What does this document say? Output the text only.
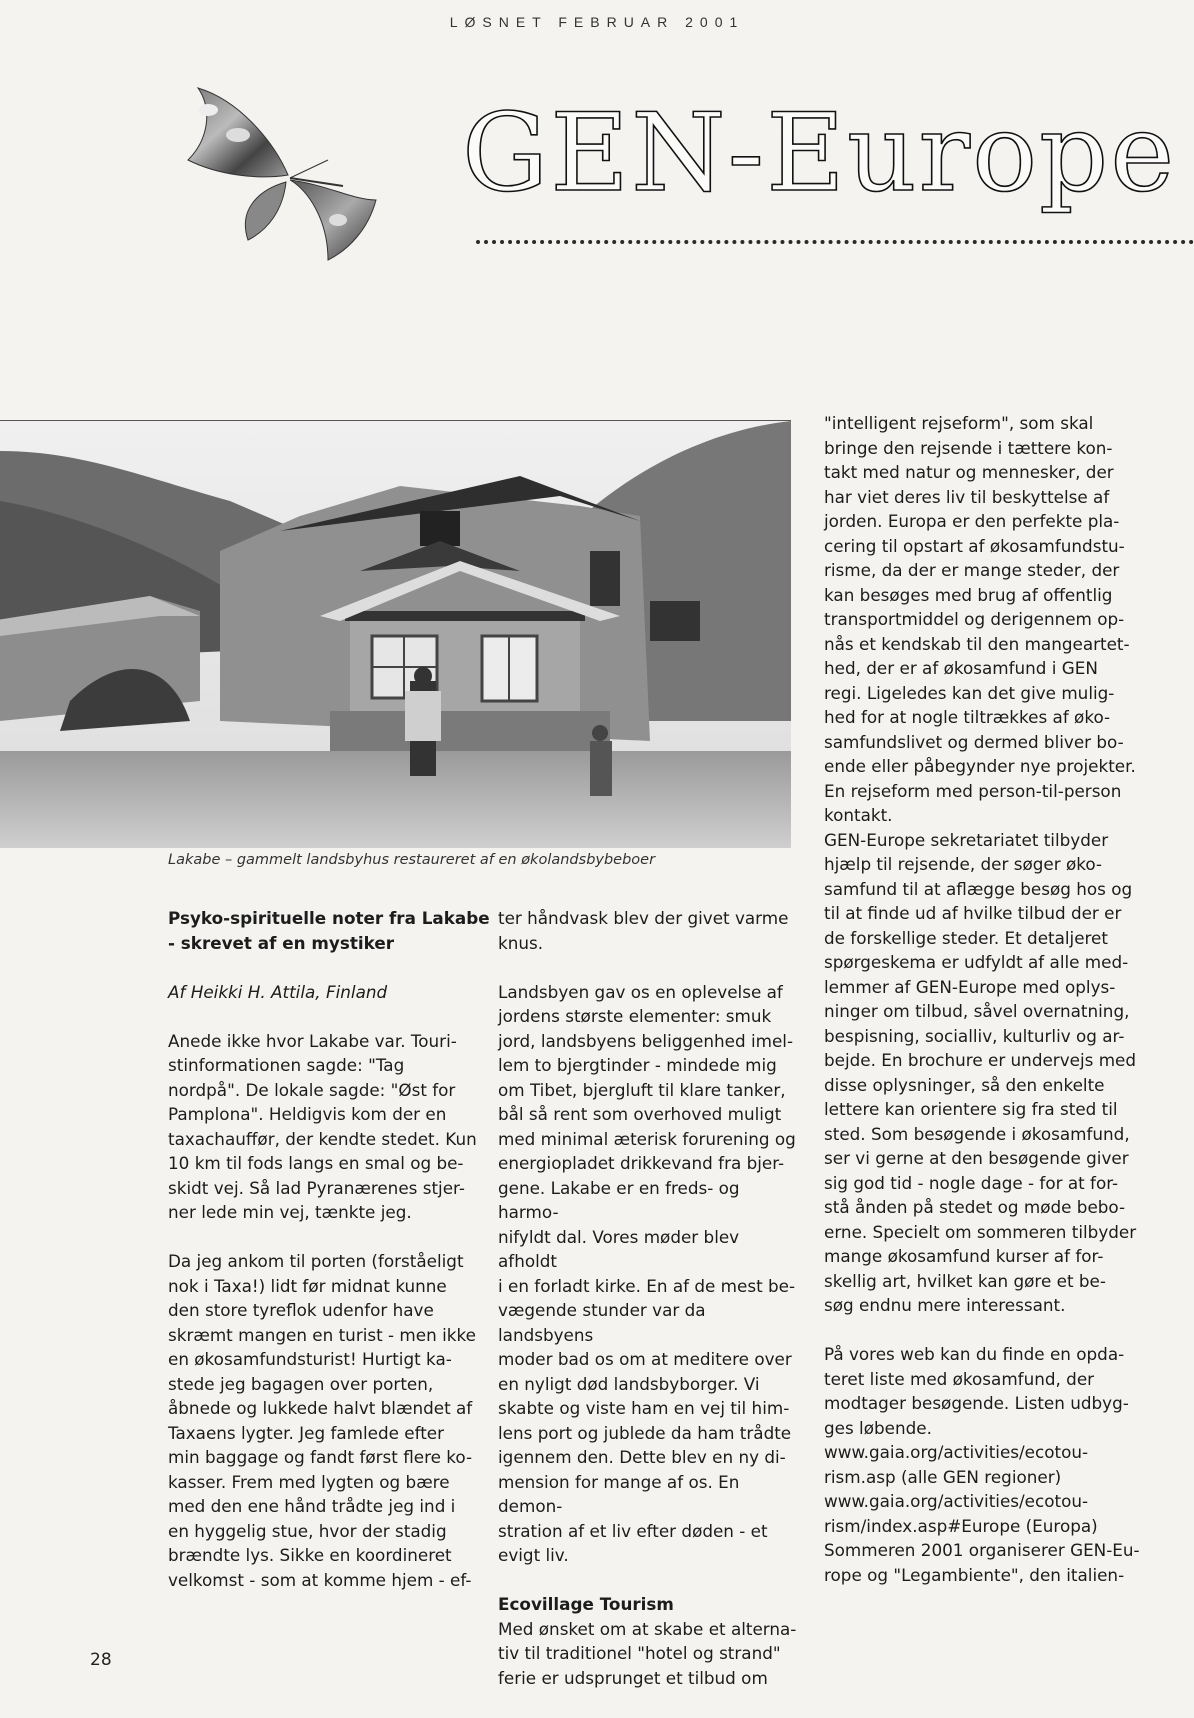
LØSNET FEBRUAR 2001
GEN-Europe
Lakabe – gammelt landsbyhus restaureret af en økolandsbybeboer

Psyko-spirituelle noter fra Lakabe

- skrevet af en mystiker

Af Heikki H. Attila, Finland

Anede ikke hvor Lakabe var. Touri-

stinformationen sagde: "Tag

nordpå". De lokale sagde: "Øst for

Pamplona". Heldigvis kom der en

taxachauffør, der kendte stedet. Kun

10 km til fods langs en smal og be-

skidt vej. Så lad Pyranærenes stjer-

ner lede min vej, tænkte jeg.

Da jeg ankom til porten (forståeligt

nok i Taxa!) lidt før midnat kunne

den store tyreflok udenfor have

skræmt mangen en turist - men ikke

en økosamfundsturist! Hurtigt ka-

stede jeg bagagen over porten,

åbnede og lukkede halvt blændet af

Taxaens lygter. Jeg famlede efter

min baggage og fandt først flere ko-

kasser. Frem med lygten og bære

med den ene hånd trådte jeg ind i

en hyggelig stue, hvor der stadig

brændte lys. Sikke en koordineret

velkomst - som at komme hjem - ef-

ter håndvask blev der givet varme

knus.

Landsbyen gav os en oplevelse af

jordens største elementer: smuk

jord, landsbyens beliggenhed imel-

lem to bjergtinder - mindede mig

om Tibet, bjergluft til klare tanker,

bål så rent som overhoved muligt

med minimal æterisk forurening og

energiopladet drikkevand fra bjer-

gene. Lakabe er en freds- og harmo-

nifyldt dal. Vores møder blev afholdt

i en forladt kirke. En af de mest be-

vægende stunder var da landsbyens

moder bad os om at meditere over

en nyligt død landsbyborger. Vi

skabte og viste ham en vej til him-

lens port og jublede da ham trådte

igennem den. Dette blev en ny di-

mension for mange af os. En demon-

stration af et liv efter døden - et

evigt liv.

Ecovillage Tourism

Med ønsket om at skabe et alterna-

tiv til traditionel "hotel og strand"

ferie er udsprunget et tilbud om

"intelligent rejseform", som skal

bringe den rejsende i tættere kon-

takt med natur og mennesker, der

har viet deres liv til beskyttelse af

jorden. Europa er den perfekte pla-

cering til opstart af økosamfundstu-

risme, da der er mange steder, der

kan besøges med brug af offentlig

transportmiddel og derigennem op-

nås et kendskab til den mangeartet-

hed, der er af økosamfund i GEN

regi. Ligeledes kan det give mulig-

hed for at nogle tiltrækkes af øko-

samfundslivet og dermed bliver bo-

ende eller påbegynder nye projekter.

En rejseform med person-til-person

kontakt.

GEN-Europe sekretariatet tilbyder

hjælp til rejsende, der søger øko-

samfund til at aflægge besøg hos og

til at finde ud af hvilke tilbud der er

de forskellige steder. Et detaljeret

spørgeskema er udfyldt af alle med-

lemmer af GEN-Europe med oplys-

ninger om tilbud, såvel overnatning,

bespisning, socialliv, kulturliv og ar-

bejde. En brochure er undervejs med

disse oplysninger, så den enkelte

lettere kan orientere sig fra sted til

sted. Som besøgende i økosamfund,

ser vi gerne at den besøgende giver

sig god tid - nogle dage - for at for-

stå ånden på stedet og møde bebo-

erne. Specielt om sommeren tilbyder

mange økosamfund kurser af for-

skellig art, hvilket kan gøre et be-

søg endnu mere interessant.

På vores web kan du finde en opda-

teret liste med økosamfund, der

modtager besøgende. Listen udbyg-

ges løbende.

www.gaia.org/activities/ecotou-

rism.asp (alle GEN regioner)

www.gaia.org/activities/ecotou-

rism/index.asp#Europe (Europa)

Sommeren 2001 organiserer GEN-Eu-

rope og "Legambiente", den italien-

28
